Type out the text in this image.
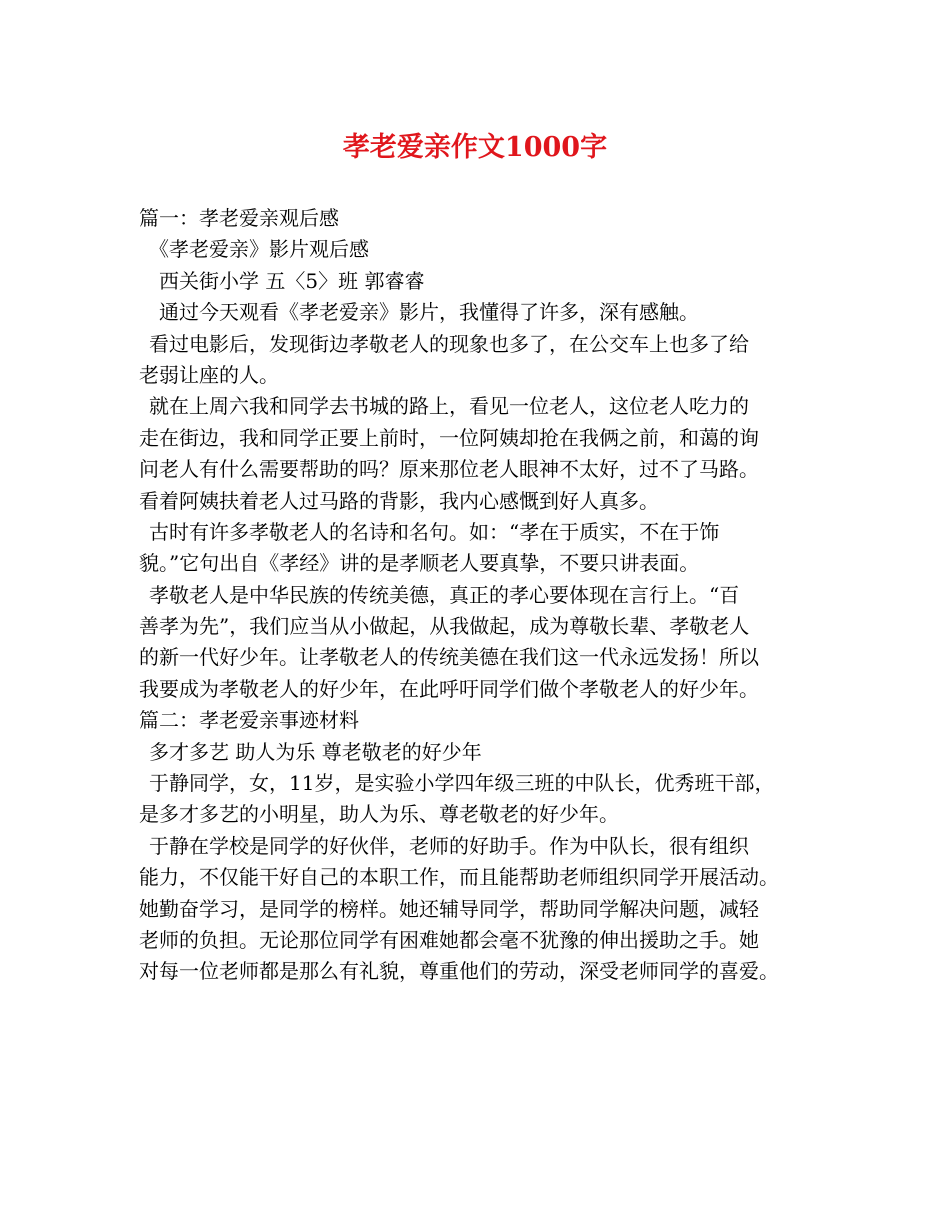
孝老爱亲作文1000字
篇一：孝老爱亲观后感
《孝老爱亲》影片观后感
西关街小学 五〈5〉班 郭睿睿
通过今天观看《孝老爱亲》影片，我懂得了许多，深有感触。
看过电影后，发现街边孝敬老人的现象也多了，在公交车上也多了给
老弱让座的人。
就在上周六我和同学去书城的路上，看见一位老人，这位老人吃力的
走在街边，我和同学正要上前时，一位阿姨却抢在我俩之前，和蔼的询
问老人有什么需要帮助的吗？原来那位老人眼神不太好，过不了马路。
看着阿姨扶着老人过马路的背影，我内心感慨到好人真多。
古时有许多孝敬老人的名诗和名句。如：“孝在于质实，不在于饰
貌。”它句出自《孝经》讲的是孝顺老人要真挚，不要只讲表面。
孝敬老人是中华民族的传统美德，真正的孝心要体现在言行上。“百
善孝为先”，我们应当从小做起，从我做起，成为尊敬长辈、孝敬老人
的新一代好少年。让孝敬老人的传统美德在我们这一代永远发扬！所以
我要成为孝敬老人的好少年，在此呼吁同学们做个孝敬老人的好少年。
篇二：孝老爱亲事迹材料
多才多艺 助人为乐 尊老敬老的好少年
于静同学，女，11岁，是实验小学四年级三班的中队长，优秀班干部，
是多才多艺的小明星，助人为乐、尊老敬老的好少年。
于静在学校是同学的好伙伴，老师的好助手。作为中队长，很有组织
能力，不仅能干好自己的本职工作，而且能帮助老师组织同学开展活动。
她勤奋学习，是同学的榜样。她还辅导同学，帮助同学解决问题，减轻
老师的负担。无论那位同学有困难她都会毫不犹豫的伸出援助之手。她
对每一位老师都是那么有礼貌，尊重他们的劳动，深受老师同学的喜爱。
